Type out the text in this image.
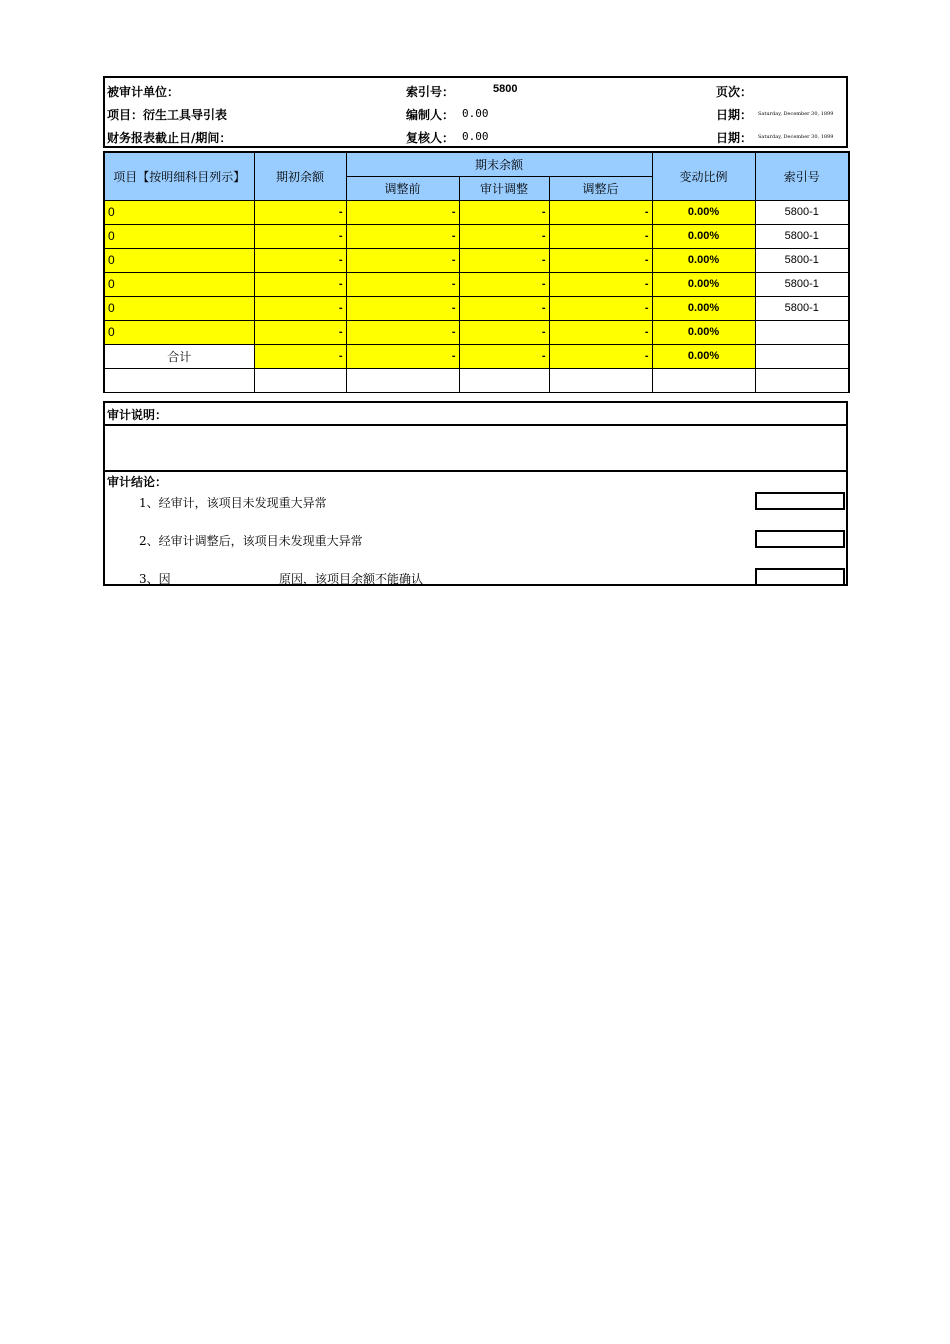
被审计单位：	索引号：	5800	页次：
项目：衍生工具导引表	编制人： 0.00	日期： Saturday, December 30, 1899
财务报表截止日/期间：	复核人： 0.00	日期： Saturday, December 30, 1899
项目【按明细科目列示】	期初余额	期末余额			变动比例	索引号
		调整前	审计调整	调整后		
0	-	-	-	-	0.00%	5800-1
0	-	-	-	-	0.00%	5800-1
0	-	-	-	-	0.00%	5800-1
0	-	-	-	-	0.00%	5800-1
0	-	-	-	-	0.00%	5800-1
0	-	-	-	-	0.00%	
合计	-	-	-	-	0.00%	

审计说明：
审计结论：
1、经审计，该项目未发现重大异常
2、经审计调整后，该项目未发现重大异常
3、因	原因，该项目余额不能确认
